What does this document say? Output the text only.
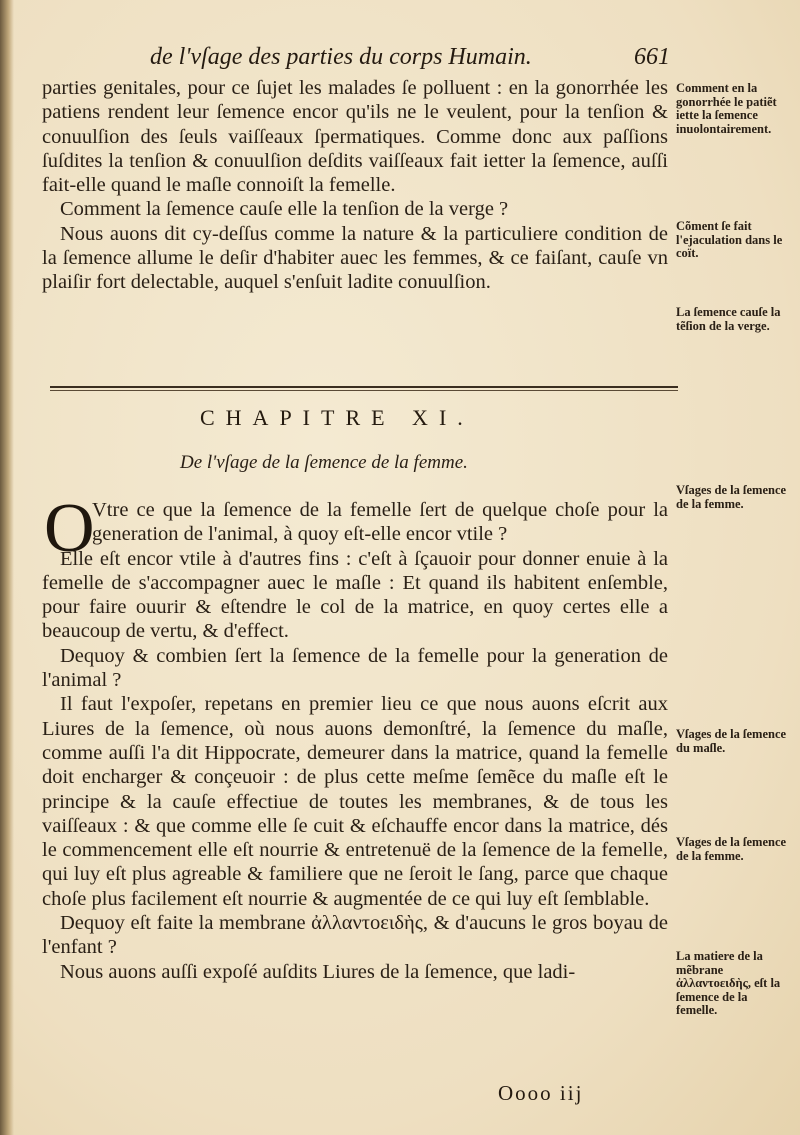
de l'vſage des parties du corps Humain.	661

parties genitales, pour ce ſujet les malades ſe polluent : en la gonorrhée les patiens rendent leur ſemence encor qu'ils ne le veulent, pour la tenſion & conuulſion des ſeuls vaiſſeaux ſpermatiques. Comme donc aux paſſions ſuſdites la tenſion & conuulſion deſdits vaiſſeaux fait ietter la ſemence, auſſi fait-elle quand le maſle connoiſt la femelle.

Comment la ſemence cauſe elle la tenſion de la verge ?

Nous auons dit cy-deſſus comme la nature & la particuliere condition de la ſemence allume le deſir d'habiter auec les femmes, & ce faiſant, cauſe vn plaiſir fort delectable, auquel s'enſuit ladite conuulſion.

CHAPITRE XI.
De l'vſage de la ſemence de la femme.
O

Vtre ce que la ſemence de la femelle ſert de quelque choſe pour la generation de l'animal, à quoy eſt-elle encor vtile ?

Elle eſt encor vtile à d'autres fins : c'eſt à ſçauoir pour donner enuie à la femelle de s'accompagner auec le maſle : Et quand ils habitent enſemble, pour faire ouurir & eſtendre le col de la matrice, en quoy certes elle a beaucoup de vertu, & d'effect.

Dequoy & combien ſert la ſemence de la femelle pour la generation de l'animal ?

Il faut l'expoſer, repetans en premier lieu ce que nous auons eſcrit aux Liures de la ſemence, où nous auons demonſtré, la ſemence du maſle, comme auſſi l'a dit Hippocrate, demeurer dans la matrice, quand la femelle doit encharger & conçeuoir : de plus cette meſme ſemẽce du maſle eſt le principe & la cauſe effectiue de toutes les membranes, & de tous les vaiſſeaux : & que comme elle ſe cuit & eſchauffe encor dans la matrice, dés le commencement elle eſt nourrie & entretenuë de la ſemence de la femelle, qui luy eſt plus agreable & familiere que ne ſeroit le ſang, parce que chaque choſe plus facilement eſt nourrie & augmentée de ce qui luy eſt ſemblable.

Dequoy eſt faite la membrane ἀλλαντοειδὴς, & d'aucuns le gros boyau de l'enfant ?

Nous auons auſſi expoſé auſdits Liures de la ſemence, que ladi-

Comment en la gonorrhée le patiẽt iette la ſemence inuolontairement.
Cõment ſe fait l'ejaculation dans le coït.
La ſemence cauſe la tẽſion de la verge.
Vſages de la ſemence de la femme.
Vſages de la ſemence du maſle.
Vſages de la ſemence de la femme.
La matiere de la mẽbrane ἀλλαντοειδὴς, eſt la ſemence de la femelle.
Oooo iij
